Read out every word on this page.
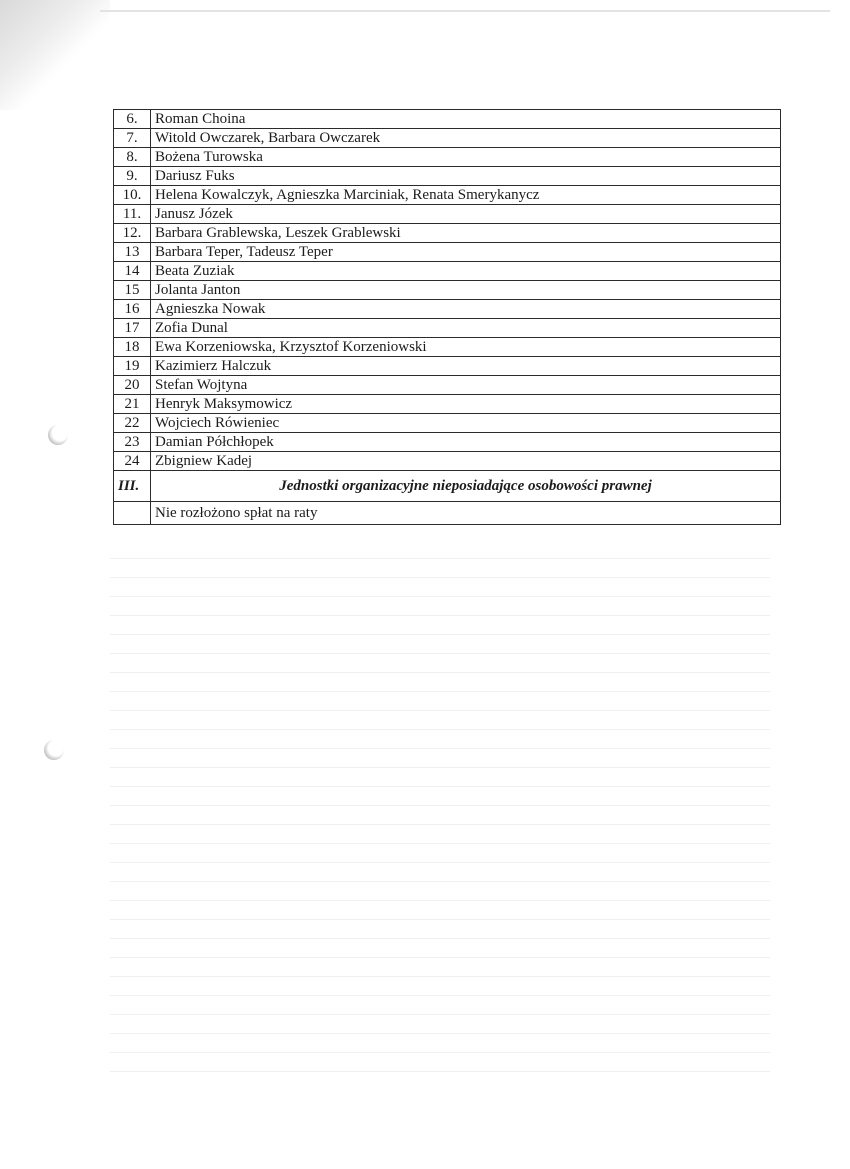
6.	Roman Choina
7.	Witold Owczarek, Barbara Owczarek
8.	Bożena Turowska
9.	Dariusz Fuks
10.	Helena Kowalczyk, Agnieszka Marciniak, Renata Smerykanycz
11.	Janusz Józek
12.	Barbara Grablewska, Leszek Grablewski
13	Barbara Teper, Tadeusz Teper
14	Beata Zuziak
15	Jolanta Janton
16	Agnieszka Nowak
17	Zofia Dunal
18	Ewa Korzeniowska, Krzysztof Korzeniowski
19	Kazimierz Halczuk
20	Stefan Wojtyna
21	Henryk Maksymowicz
22	Wojciech Rówieniec
23	Damian Półchłopek
24	Zbigniew Kadej
III.	Jednostki organizacyjne nieposiadające osobowości prawnej
	Nie rozłożono spłat na raty
